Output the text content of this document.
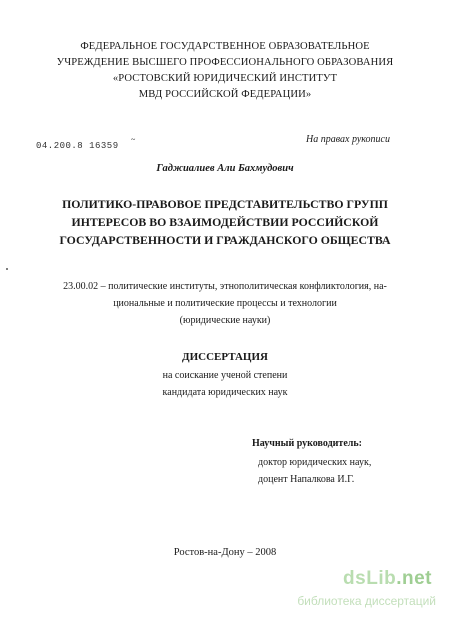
ФЕДЕРАЛЬНОЕ ГОСУДАРСТВЕННОЕ ОБРАЗОВАТЕЛЬНОЕ
УЧРЕЖДЕНИЕ ВЫСШЕГО ПРОФЕССИОНАЛЬНОГО ОБРАЗОВАНИЯ
«РОСТОВСКИЙ ЮРИДИЧЕСКИЙ ИНСТИТУТ
МВД РОССИЙСКОЙ ФЕДЕРАЦИИ»
На правах рукописи
04.200.8 16359
~
Гаджиалиев Али Бахмудович
ПОЛИТИКО-ПРАВОВОЕ ПРЕДСТАВИТЕЛЬСТВО ГРУПП
ИНТЕРЕСОВ ВО ВЗАИМОДЕЙСТВИИ РОССИЙСКОЙ
ГОСУДАРСТВЕННОСТИ И ГРАЖДАНСКОГО ОБЩЕСТВА
23.00.02 – политические институты, этнополитическая конфликтология, на-
циональные и политические процессы и технологии
(юридические науки)
ДИССЕРТАЦИЯ
на соискание ученой степени
кандидата юридических наук
Научный руководитель:
доктор юридических наук,
доцент Напалкова И.Г.
Ростов-на-Дону – 2008
dsLib.net
библиотека диссертаций
